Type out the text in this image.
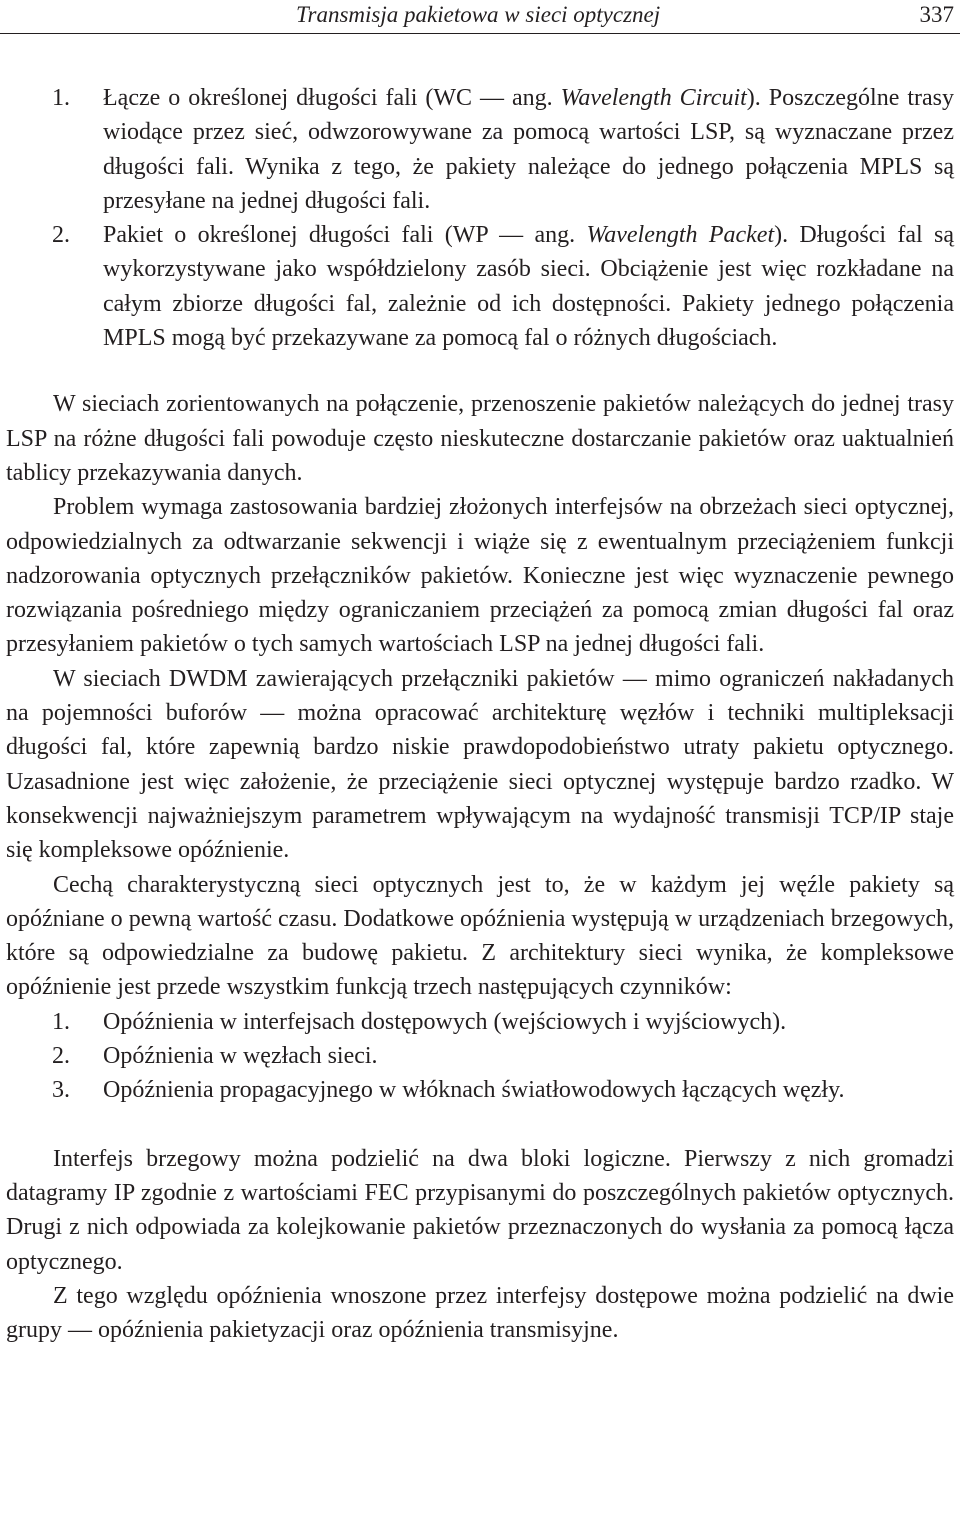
Transmisja pakietowa w sieci optycznej	337
1. Łącze o określonej długości fali (WC — ang. Wavelength Circuit). Poszczególne trasy wiodące przez sieć, odwzorowywane za pomocą wartości LSP, są wyznaczane przez długości fali. Wynika z tego, że pakiety należące do jednego połączenia MPLS są przesyłane na jednej długości fali.
2. Pakiet o określonej długości fali (WP — ang. Wavelength Packet). Długości fal są wykorzystywane jako współdzielony zasób sieci. Obciążenie jest więc rozkładane na całym zbiorze długości fal, zależnie od ich dostępności. Pakiety jednego połączenia MPLS mogą być przekazywane za pomocą fal o różnych długościach.

W sieciach zorientowanych na połączenie, przenoszenie pakietów należących do jednej trasy LSP na różne długości fali powoduje często nieskuteczne dostarczanie pakietów oraz uaktualnień tablicy przekazywania danych.

Problem wymaga zastosowania bardziej złożonych interfejsów na obrzeżach sieci optycznej, odpowiedzialnych za odtwarzanie sekwencji i wiąże się z ewentualnym przeciążeniem funkcji nadzorowania optycznych przełączników pakietów. Konieczne jest więc wyznaczenie pewnego rozwiązania pośredniego między ograniczaniem przeciążeń za pomocą zmian długości fal oraz przesyłaniem pakietów o tych samych wartościach LSP na jednej długości fali.

W sieciach DWDM zawierających przełączniki pakietów — mimo ograniczeń nakładanych na pojemności buforów — można opracować architekturę węzłów i techniki multipleksacji długości fal, które zapewnią bardzo niskie prawdopodobieństwo utraty pakietu optycznego. Uzasadnione jest więc założenie, że przeciążenie sieci optycznej występuje bardzo rzadko. W konsekwencji najważniejszym parametrem wpływającym na wydajność transmisji TCP/IP staje się kompleksowe opóźnienie.

Cechą charakterystyczną sieci optycznych jest to, że w każdym jej węźle pakiety są opóźniane o pewną wartość czasu. Dodatkowe opóźnienia występują w urządzeniach brzegowych, które są odpowiedzialne za budowę pakietu. Z architektury sieci wynika, że kompleksowe opóźnienie jest przede wszystkim funkcją trzech następujących czynników:

1. Opóźnienia w interfejsach dostępowych (wejściowych i wyjściowych).
2. Opóźnienia w węzłach sieci.
3. Opóźnienia propagacyjnego w włóknach światłowodowych łączących węzły.

Interfejs brzegowy można podzielić na dwa bloki logiczne. Pierwszy z nich gromadzi datagramy IP zgodnie z wartościami FEC przypisanymi do poszczególnych pakietów optycznych. Drugi z nich odpowiada za kolejkowanie pakietów przeznaczonych do wysłania za pomocą łącza optycznego.

Z tego względu opóźnienia wnoszone przez interfejsy dostępowe można podzielić na dwie grupy — opóźnienia pakietyzacji oraz opóźnienia transmisyjne.
